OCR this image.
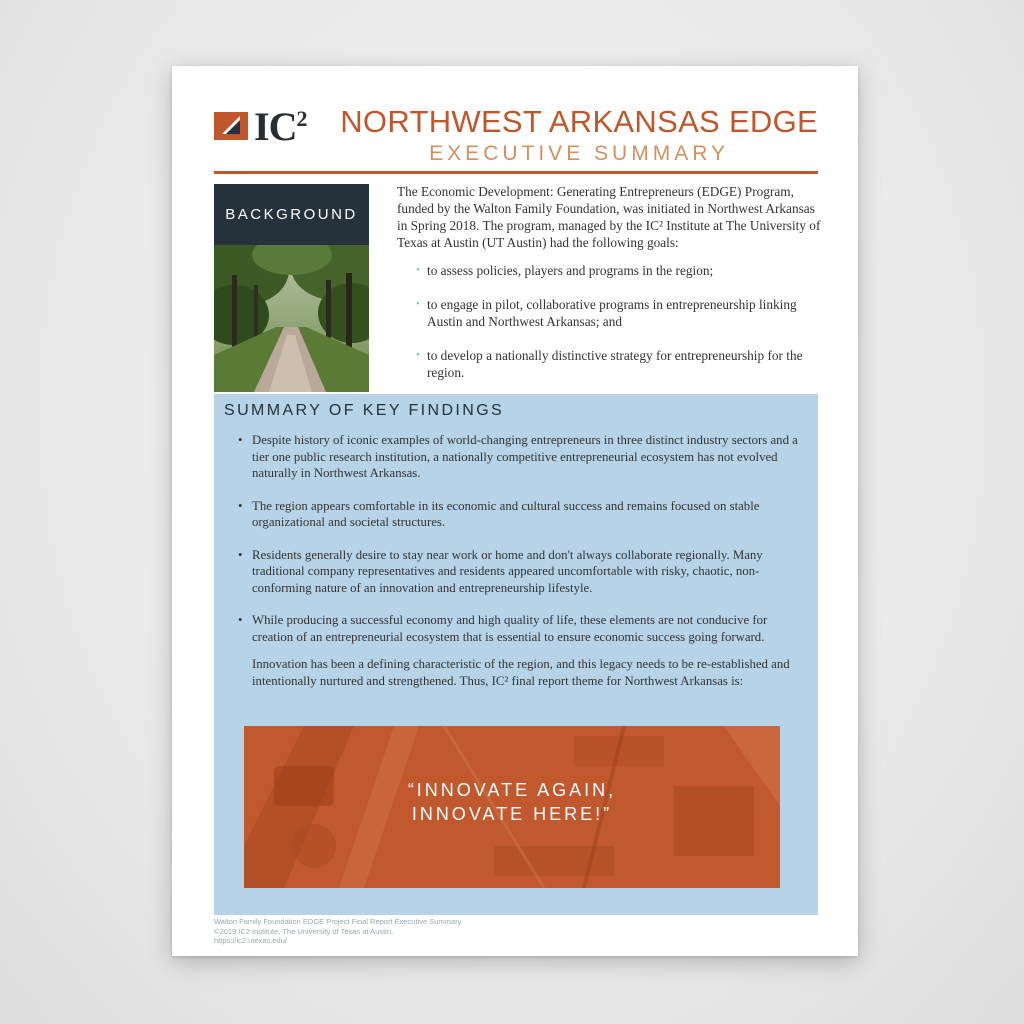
$IC^2$ NORTHWEST ARKANSAS EDGE
EXECUTIVE SUMMARY
BACKGROUND

The Economic Development: Generating Entrepreneurs (EDGE) Program, funded by the Walton Family Foundation, was initiated in Northwest Arkansas in Spring 2018. The program, managed by the IC² Institute at The University of Texas at Austin (UT Austin) had the following goals:

• to assess policies, players and programs in the region;
• to engage in pilot, collaborative programs in entrepreneurship linking Austin and Northwest Arkansas; and
• to develop a nationally distinctive strategy for entrepreneurship for the region.
SUMMARY OF KEY FINDINGS
• Despite history of iconic examples of world-changing entrepreneurs in three distinct industry sectors and a tier one public research institution, a nationally competitive entrepreneurial ecosystem has not evolved naturally in Northwest Arkansas.
• The region appears comfortable in its economic and cultural success and remains focused on stable organizational and societal structures.
• Residents generally desire to stay near work or home and don't always collaborate regionally. Many traditional company representatives and residents appeared uncomfortable with risky, chaotic, non-conforming nature of an innovation and entrepreneurship lifestyle.
• While producing a successful economy and high quality of life, these elements are not conducive for creation of an entrepreneurial ecosystem that is essential to ensure economic success going forward.

Innovation has been a defining characteristic of the region, and this legacy needs to be re-established and intentionally nurtured and strengthened. Thus, IC² final report theme for Northwest Arkansas is:

“INNOVATE AGAIN,
INNOVATE HERE!”
Walton Family Foundation EDGE Project Final Report Executive Summary
©2019 IC2 Institute, The University of Texas at Austin,
https://ic2.utexas.edu/
